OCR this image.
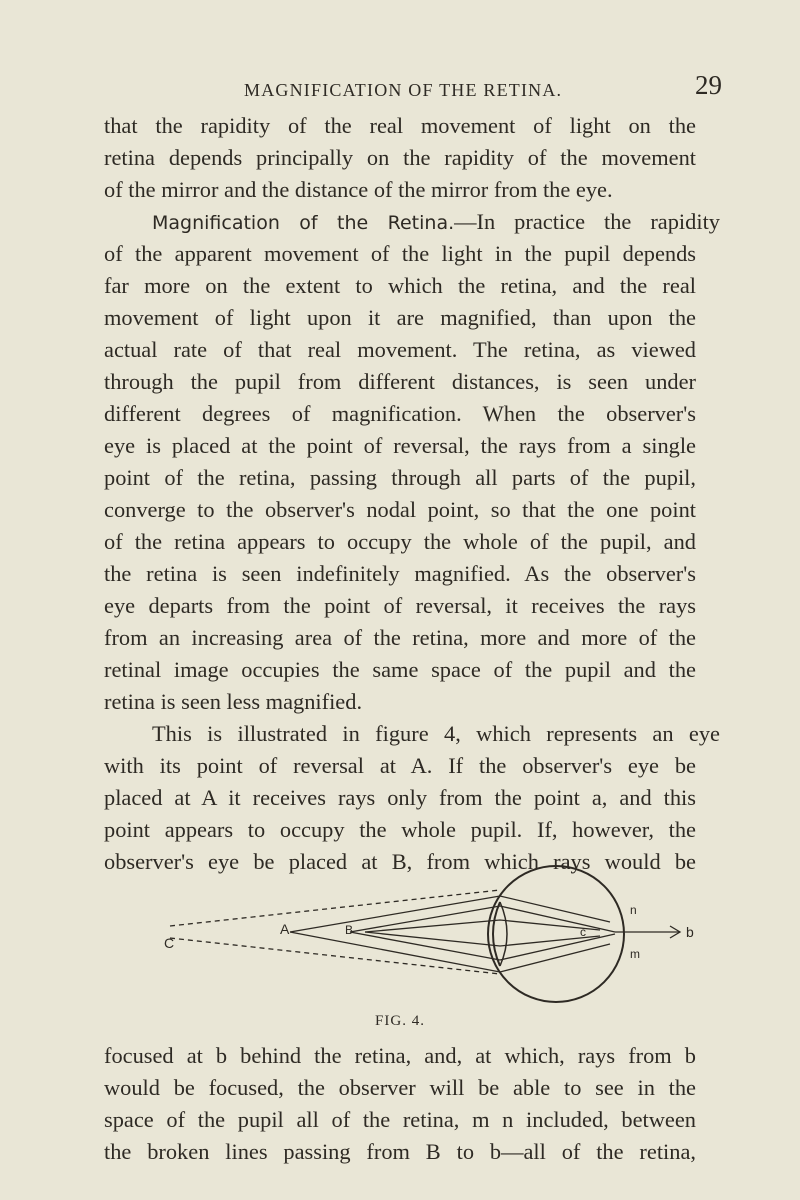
MAGNIFICATION OF THE RETINA.	29
that the rapidity of the real movement of light on the
retina depends principally on the rapidity of the movement
of the mirror and the distance of the mirror from the eye.
Magnification of the Retina.—In practice the rapidity
of the apparent movement of the light in the pupil depends
far more on the extent to which the retina, and the real
movement of light upon it are magnified, than upon the
actual rate of that real movement. The retina, as viewed
through the pupil from different distances, is seen under
different degrees of magnification. When the observer's
eye is placed at the point of reversal, the rays from a single
point of the retina, passing through all parts of the pupil,
converge to the observer's nodal point, so that the one point
of the retina appears to occupy the whole of the pupil, and
the retina is seen indefinitely magnified. As the observer's
eye departs from the point of reversal, it receives the rays
from an increasing area of the retina, more and more of the
retinal image occupies the same space of the pupil and the
retina is seen less magnified.
This is illustrated in figure 4, which represents an eye
with its point of reversal at A. If the observer's eye be
placed at A it receives rays only from the point a, and this
point appears to occupy the whole pupil. If, however, the
observer's eye be placed at B, from which rays would be
C
A	B	c
n
b
m
FIG. 4.
focused at b behind the retina, and, at which, rays from b
would be focused, the observer will be able to see in the
space of the pupil all of the retina, m n included, between
the broken lines passing from B to b—all of the retina,
